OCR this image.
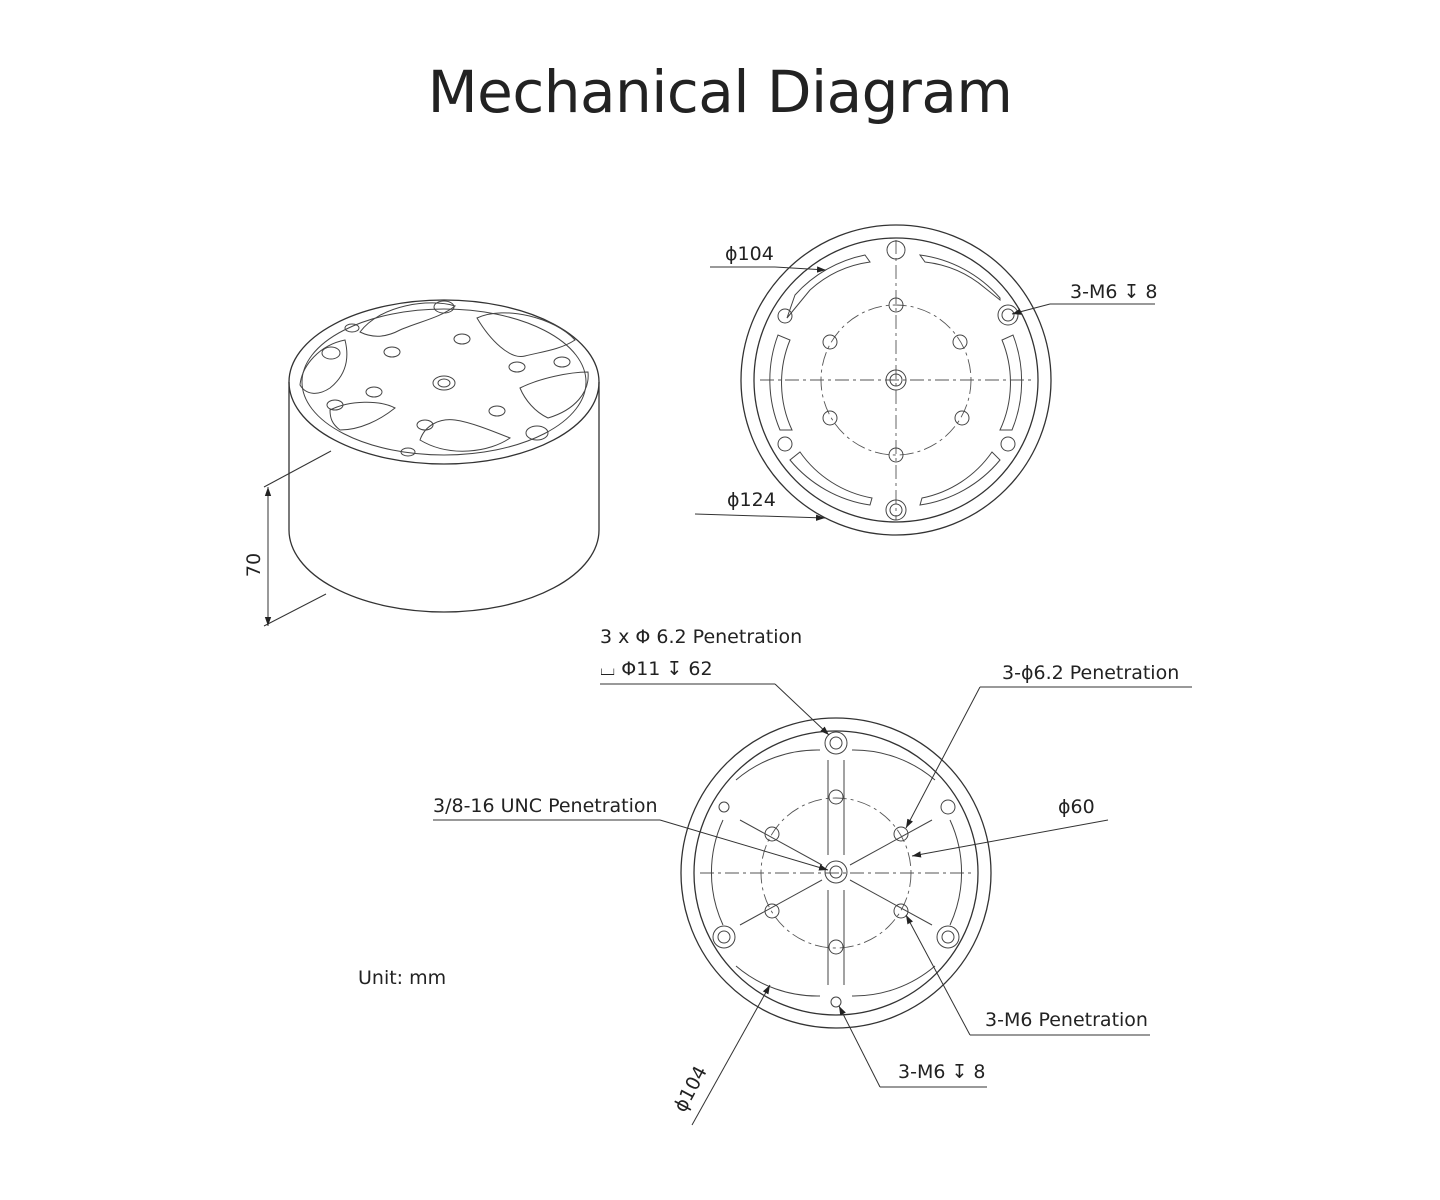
Mechanical Diagram
70
ϕ104
ϕ124
3-M6 ↧ 8
3 x Φ 6.2 Penetration
⌴ Φ11 ↧ 62	3-ϕ6.2 Penetration
3/8-16 UNC Penetration	ϕ60
3-M6 Penetration
3-M6 ↧ 8
ϕ104
Unit: mm
